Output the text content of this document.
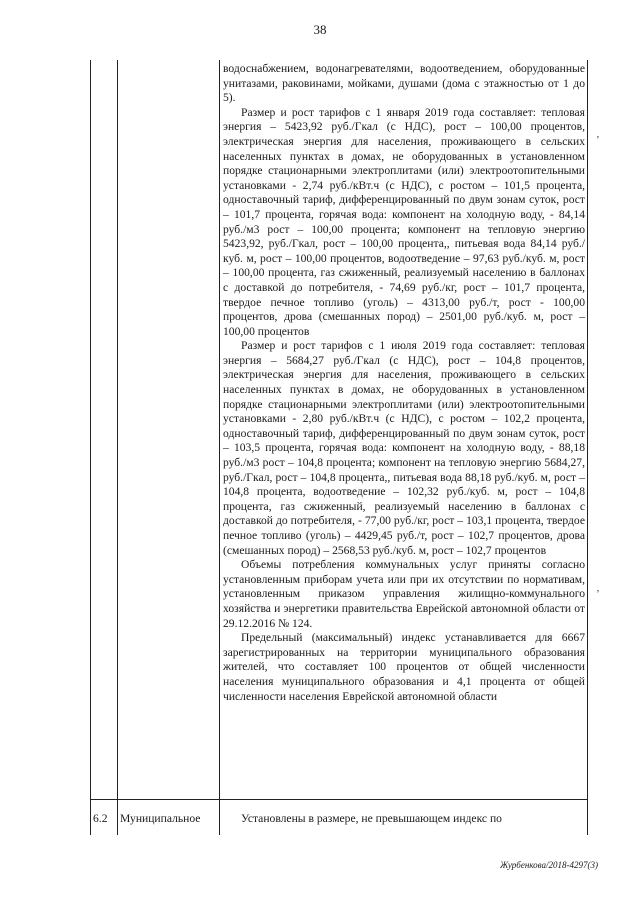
38

водоснабжением, водонагревателями, водоотведением, оборудованные унитазами, раковинами, мойками, душами (дома с этажностью от 1 до 5).

Размер и рост тарифов с 1 января 2019 года составляет: тепловая энергия – 5423,92 руб./Гкал (с НДС), рост – 100,00 процентов, электрическая энергия для населения, проживающего в сельских населенных пунктах в домах, не оборудованных в установленном порядке стационарными электроплитами (или) электроотопительными установками - 2,74 руб./кВт.ч (с НДС), с ростом – 101,5 процента, одноставочный тариф, дифференцированный по двум зонам суток, рост – 101,7 процента, горячая вода: компонент на холодную воду, - 84,14 руб./м3 рост – 100,00 процента; компонент на тепловую энергию 5423,92, руб./Гкал, рост – 100,00 процента,, питьевая вода 84,14 руб./куб. м, рост – 100,00 процентов, водоотведение – 97,63 руб./куб. м, рост – 100,00 процента, газ сжиженный, реализуемый населению в баллонах с доставкой до потребителя, - 74,69 руб./кг, рост – 101,7 процента, твердое печное топливо (уголь) – 4313,00 руб./т, рост - 100,00 процентов, дрова (смешанных пород) – 2501,00 руб./куб. м, рост – 100,00 процентов

Размер и рост тарифов с 1 июля 2019 года составляет: тепловая энергия – 5684,27 руб./Гкал (с НДС), рост – 104,8 процентов, электрическая энергия для населения, проживающего в сельских населенных пунктах в домах, не оборудованных в установленном порядке стационарными электроплитами (или) электроотопительными установками - 2,80 руб./кВт.ч (с НДС), с ростом – 102,2 процента, одноставочный тариф, дифференцированный по двум зонам суток, рост – 103,5 процента, горячая вода: компонент на холодную воду, - 88,18 руб./м3 рост – 104,8 процента; компонент на тепловую энергию 5684,27, руб./Гкал, рост – 104,8 процента,, питьевая вода 88,18 руб./куб. м, рост – 104,8 процента, водоотведение – 102,32 руб./куб. м, рост – 104,8 процента, газ сжиженный, реализуемый населению в баллонах с доставкой до потребителя, - 77,00 руб./кг, рост – 103,1 процента, твердое печное топливо (уголь) – 4429,45 руб./т, рост – 102,7 процентов, дрова (смешанных пород) – 2568,53 руб./куб. м, рост – 102,7 процентов

Объемы потребления коммунальных услуг приняты согласно установленным приборам учета или при их отсутствии по нормативам, установленным приказом управления жилищно-коммунального хозяйства и энергетики правительства Еврейской автономной области от 29.12.2016 № 124.

Предельный (максимальный) индекс устанавливается для 6667 зарегистрированных на территории муниципального образования жителей, что составляет 100 процентов от общей численности населения муниципального образования и 4,1 процента от общей численности населения Еврейской автономной области

6.2 Муниципальное	Установлены в размере, не превышающем индекс по
‚
‚
Журбенкова/2018-4297(3)
